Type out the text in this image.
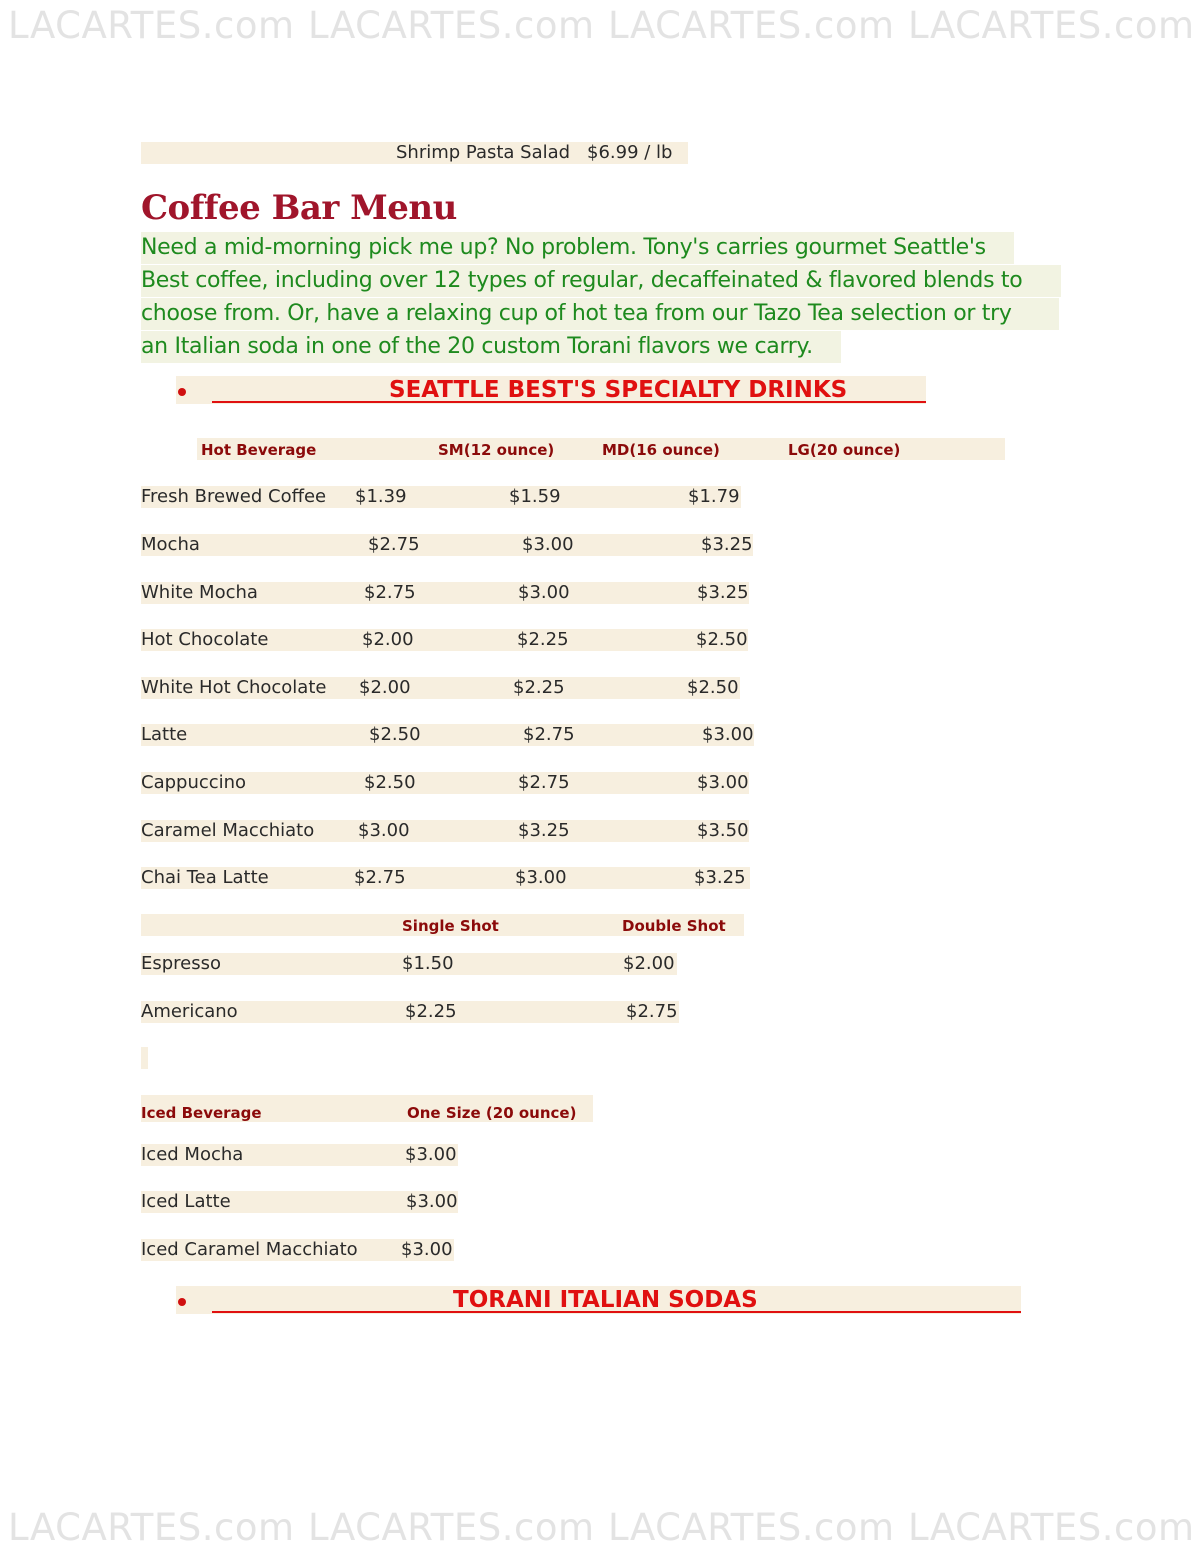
LACARTES.com LACARTES.com LACARTES.com LACARTES.com
LACARTES.com LACARTES.com LACARTES.com LACARTES.com
Shrimp Pasta Salad $6.99 / lb
Coffee Bar Menu
Need a mid-morning pick me up? No problem. Tony's carries gourmet Seattle's
Best coffee, including over 12 types of regular, decaffeinated & flavored blends to
choose from. Or, have a relaxing cup of hot tea from our Tazo Tea selection or try
an Italian soda in one of the 20 custom Torani flavors we carry.
SEATTLE BEST'S SPECIALTY DRINKS
Hot Beverage	SM(12 ounce)	MD(16 ounce)	LG(20 ounce)
Fresh Brewed Coffee $1.39	$1.59	$1.79
Mocha	$2.75	$3.00	$3.25
White Mocha	$2.75	$3.00	$3.25
Hot Chocolate	$2.00	$2.25	$2.50
White Hot Chocolate $2.00	$2.25	$2.50
Latte	$2.50	$2.75	$3.00
Cappuccino	$2.50	$2.75	$3.00
Caramel Macchiato $3.00	$3.25	$3.50
Chai Tea Latte	$2.75	$3.00	$3.25
Single Shot	Double Shot
Espresso	$1.50	$2.00
Americano	$2.25	$2.75
Iced Beverage	One Size (20 ounce)
Iced Mocha	$3.00
Iced Latte	$3.00
Iced Caramel Macchiato $3.00
TORANI ITALIAN SODAS
